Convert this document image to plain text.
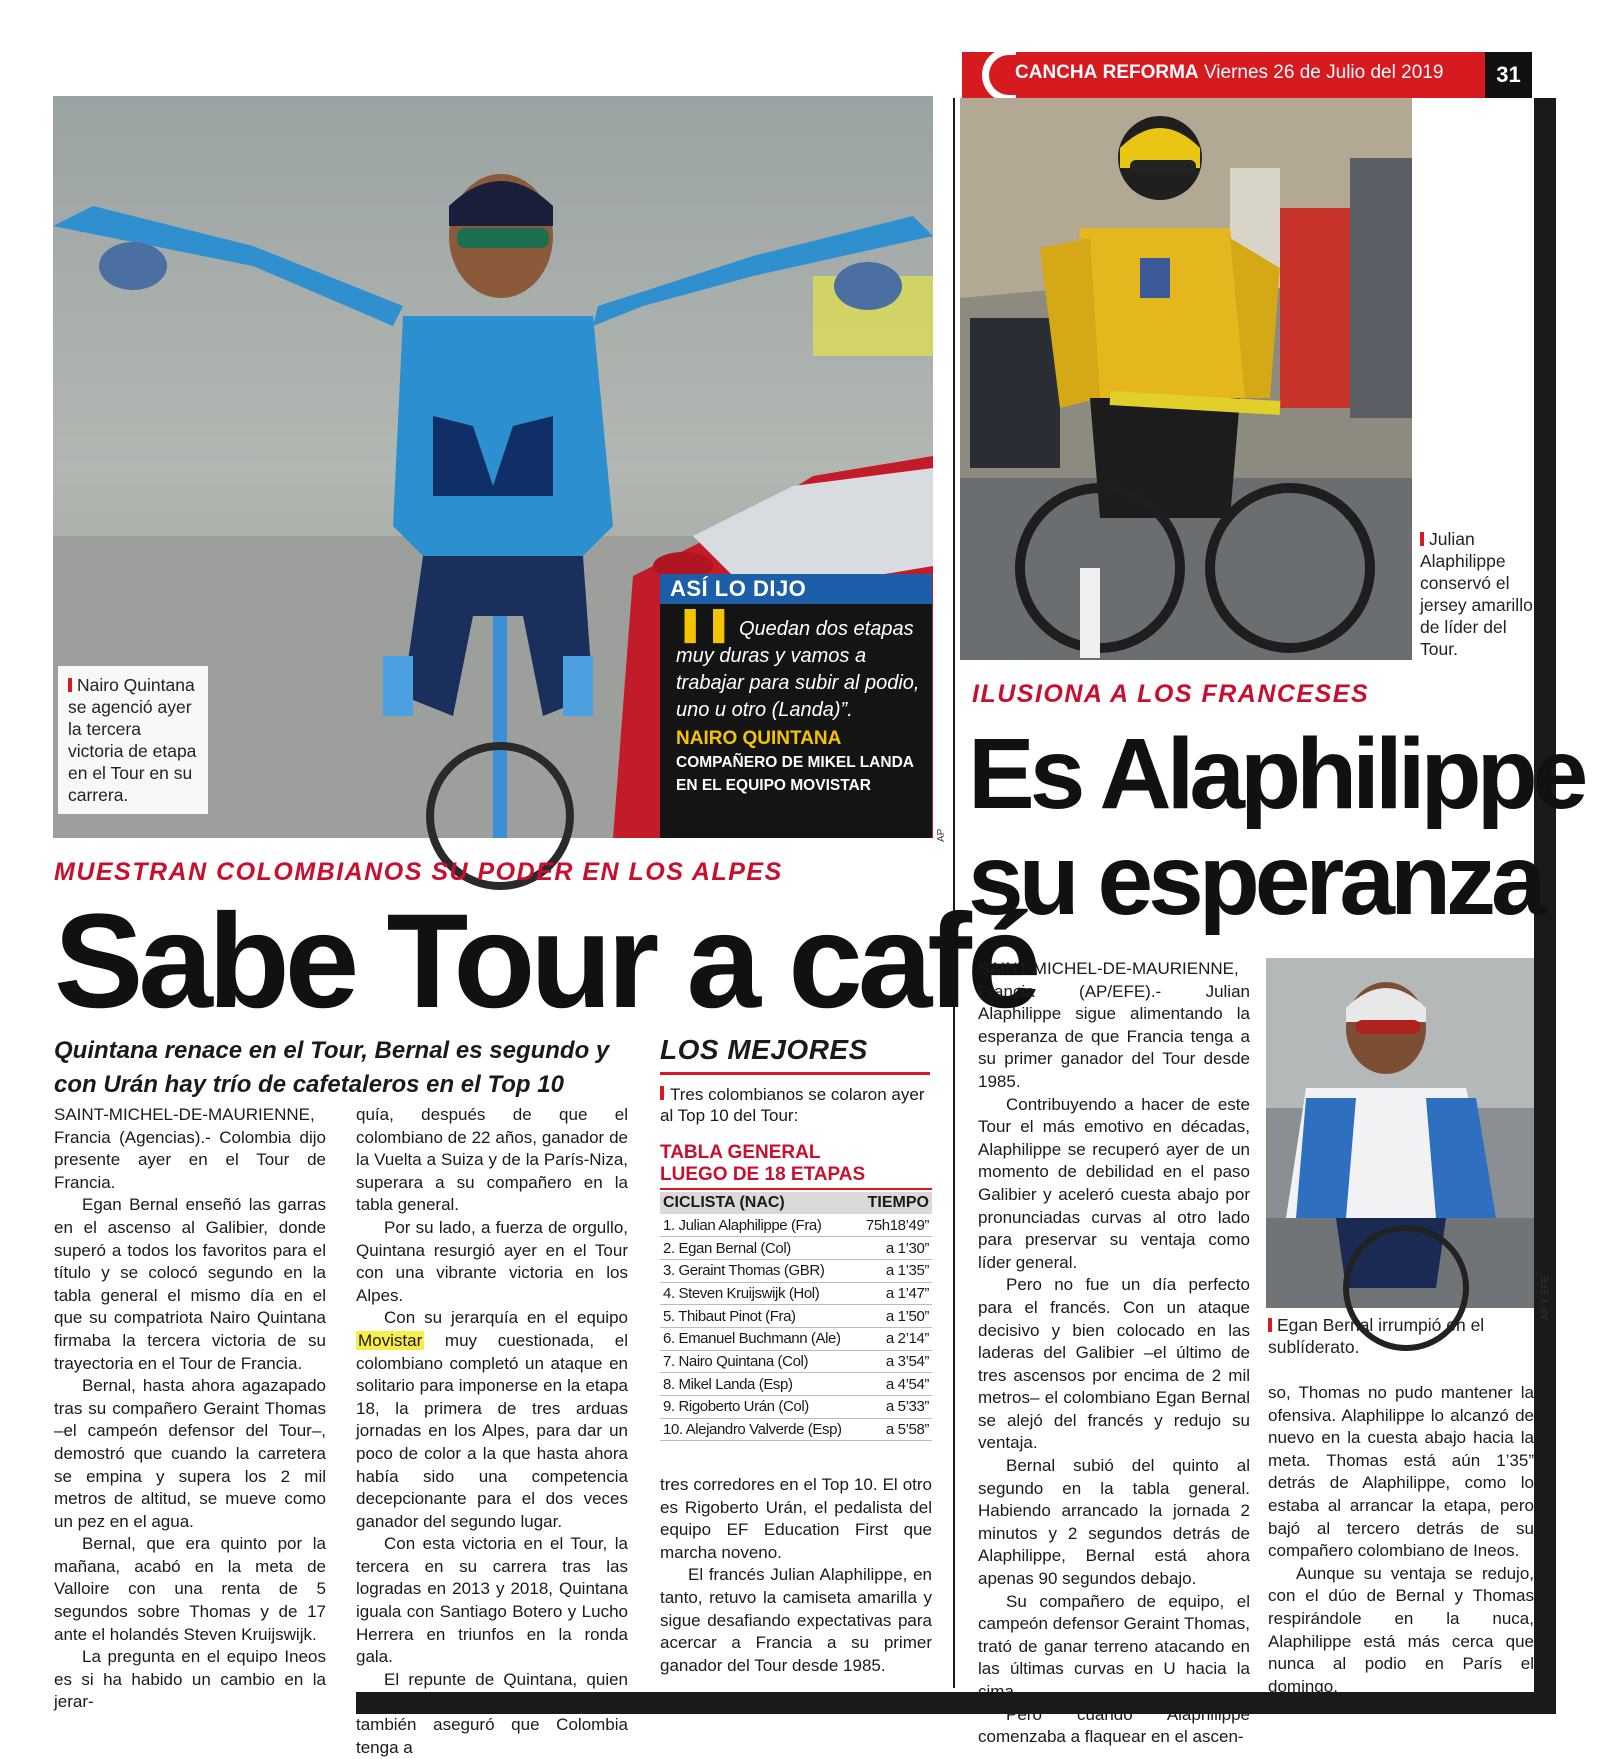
CANCHA REFORMA Viernes 26 de Julio del 2019	31
Nairo Quintana se agenció ayer la tercera victoria de etapa en el Tour en su carrera.
ASÍ LO DIJO
❚❚ Quedan dos etapas muy duras y vamos a trabajar para subir al podio, uno u otro (Landa)”.
NAIRO QUINTANA
COMPAÑERO DE MIKEL LANDA EN EL EQUIPO MOVISTAR
AP
Julian Alaphilippe conservó el jersey amarillo de líder del Tour.
MUESTRAN COLOMBIANOS SU PODER EN LOS ALPES
Sabe Tour a café
Quintana renace en el Tour, Bernal es segundo y con Urán hay trío de cafetaleros en el Top 10

SAINT-MICHEL-DE-MAURIENNE, Francia (Agencias).- Colombia dijo presente ayer en el Tour de Francia.

Egan Bernal enseñó las garras en el ascenso al Galibier, donde superó a todos los favoritos para el título y se colocó segundo en la tabla general el mismo día en el que su compatriota Nairo Quintana firmaba la tercera victoria de su trayectoria en el Tour de Francia.

Bernal, hasta ahora agazapado tras su compañero Geraint Thomas –el campeón defensor del Tour–, demostró que cuando la carretera se empina y supera los 2 mil metros de altitud, se mueve como un pez en el agua.

Bernal, que era quinto por la mañana, acabó en la meta de Valloire con una renta de 5 segundos sobre Thomas y de 17 ante el holandés Steven Kruijswijk.

La pregunta en el equipo Ineos es si ha habido un cambio en la jerar-

quía, después de que el colombiano de 22 años, ganador de la Vuelta a Suiza y de la París-Niza, superara a su compañero en la tabla general.

Por su lado, a fuerza de orgullo, Quintana resurgió ayer en el Tour con una vibrante victoria en los Alpes.

Con su jerarquía en el equipo Movistar muy cuestionada, el colombiano completó un ataque en solitario para imponerse en la etapa 18, la primera de tres arduas jornadas en los Alpes, para dar un poco de color a la que hasta ahora había sido una competencia decepcionante para el dos veces ganador del segundo lugar.

Con esta victoria en el Tour, la tercera en su carrera tras las logradas en 2013 y 2018, Quintana iguala con Santiago Botero y Lucho Herrera en triunfos en la ronda gala.

El repunte de Quintana, quien se puso séptimo en la general, también aseguró que Colombia tenga a

tres corredores en el Top 10. El otro es Rigoberto Urán, el pedalista del equipo EF Education First que marcha noveno.

El francés Julian Alaphilippe, en tanto, retuvo la camiseta amarilla y sigue desafiando expectativas para acercar a Francia a su primer ganador del Tour desde 1985.

LOS MEJORES
Tres colombianos se colaron ayer al Top 10 del Tour:
TABLA GENERAL
LUEGO DE 18 ETAPAS
CICLISTA (NAC)	TIEMPO
1. Julian Alaphilippe (Fra)	75h18’49”
2. Egan Bernal (Col)	a 1’30”
3. Geraint Thomas (GBR)	a 1’35”
4. Steven Kruijswijk (Hol)	a 1’47”
5. Thibaut Pinot (Fra)	a 1’50”
6. Emanuel Buchmann (Ale)	a 2’14”
7. Nairo Quintana (Col)	a 3’54”
8. Mikel Landa (Esp)	a 4’54”
9. Rigoberto Urán (Col)	a 5’33”
10. Alejandro Valverde (Esp)	a 5’58”
ILUSIONA A LOS FRANCESES
Es Alaphilippe
su esperanza
AP Y EFE
Egan Bernal irrumpió en el sublíderato.

SAINT-MICHEL-DE-MAURIENNE, Francia (AP/EFE).- Julian Alaphilippe sigue alimentando la esperanza de que Francia tenga a su primer ganador del Tour desde 1985.

Contribuyendo a hacer de este Tour el más emotivo en décadas, Alaphilippe se recuperó ayer de un momento de debilidad en el paso Galibier y aceleró cuesta abajo por pronunciadas curvas al otro lado para preservar su ventaja como líder general.

Pero no fue un día perfecto para el francés. Con un ataque decisivo y bien colocado en las laderas del Galibier –el último de tres ascensos por encima de 2 mil metros– el colombiano Egan Bernal se alejó del francés y redujo su ventaja.

Bernal subió del quinto al segundo en la tabla general. Habiendo arrancado la jornada 2 minutos y 2 segundos detrás de Alaphilippe, Bernal está ahora apenas 90 segundos debajo.

Su compañero de equipo, el campeón defensor Geraint Thomas, trató de ganar terreno atacando en las últimas curvas en U hacia la cima.

Pero cuando Alaphilippe comenzaba a flaquear en el ascen-

so, Thomas no pudo mantener la ofensiva. Alaphilippe lo alcanzó de nuevo en la cuesta abajo hacia la meta. Thomas está aún 1’35” detrás de Alaphilippe, como lo estaba al arrancar la etapa, pero bajó al tercero detrás de su compañero colombiano de Ineos.

Aunque su ventaja se redujo, con el dúo de Bernal y Thomas respirándole en la nuca, Alaphilippe está más cerca que nunca al podio en París el domingo.
